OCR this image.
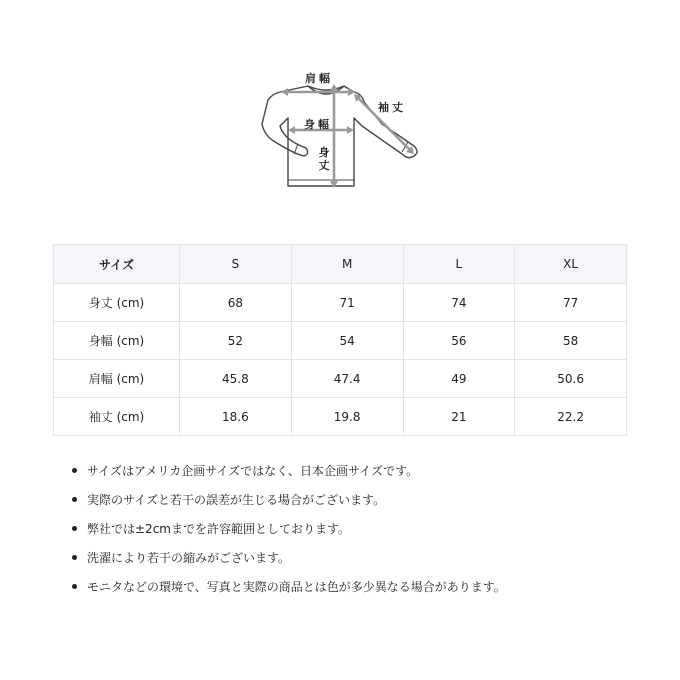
肩幅
身幅
身丈
袖丈
サイズ	S	M	L	XL
身丈 (cm)	68	71	74	77
身幅 (cm)	52	54	56	58
肩幅 (cm)	45.8	47.4	49	50.6
袖丈 (cm)	18.6	19.8	21	22.2
サイズはアメリカ企画サイズではなく、日本企画サイズです。
実際のサイズと若干の誤差が生じる場合がございます。
弊社では±2cmまでを許容範囲としております。
洗濯により若干の縮みがございます。
モニタなどの環境で、写真と実際の商品とは色が多少異なる場合があります。
